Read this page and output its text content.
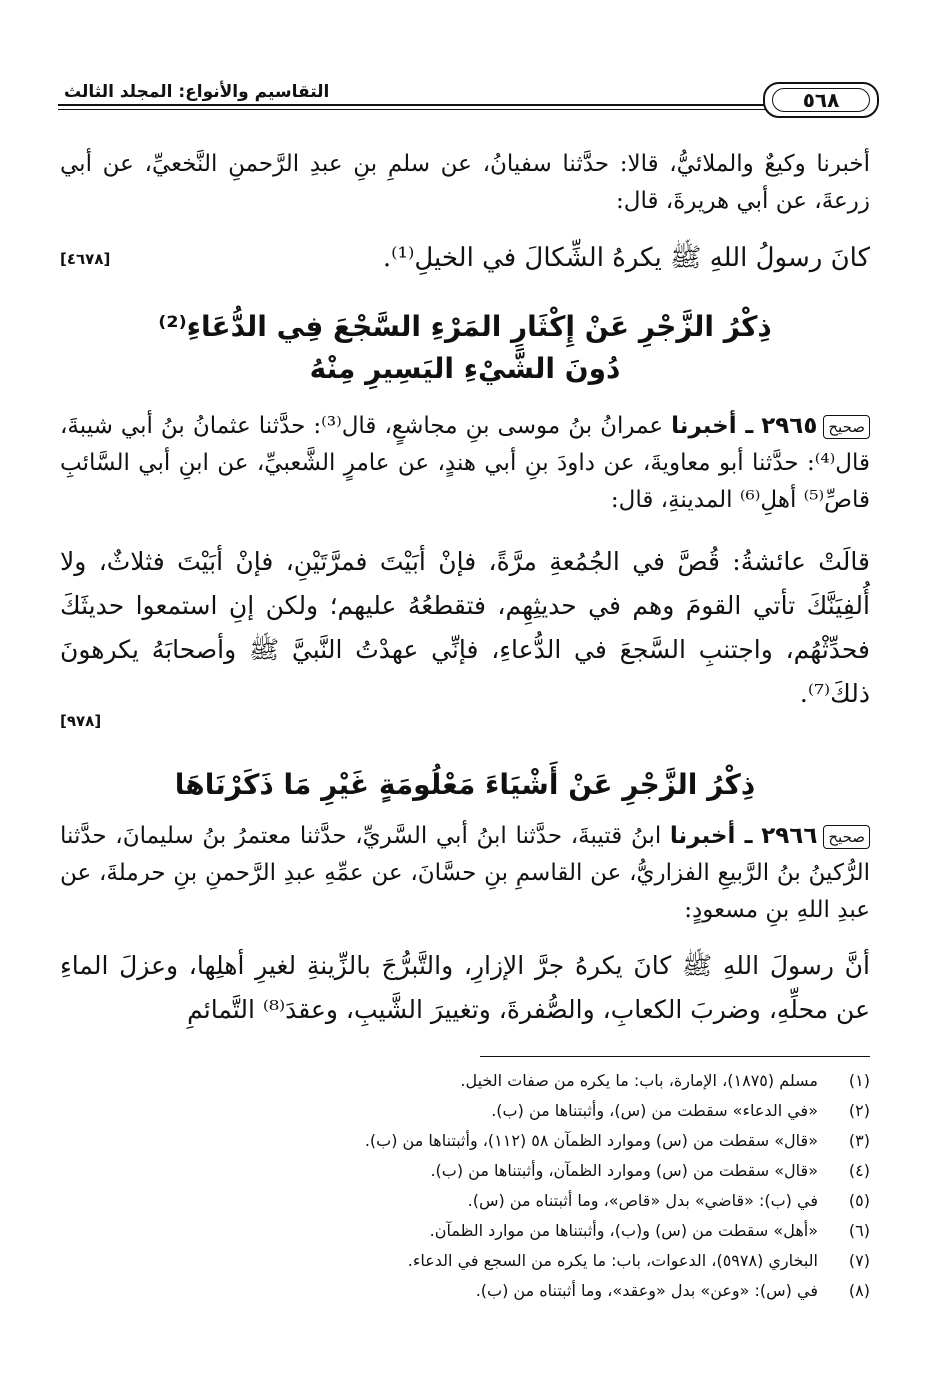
التقاسيم والأنواع: المجلد الثالث	٥٦٨
أخبرنا وكيعٌ والملائيُّ، قالا: حدَّثنا سفيانُ، عن سلمِ بنِ عبدِ الرَّحمنِ النَّخعيِّ، عن أبي زرعةَ، عن أبي هريرةَ، قال:
كانَ رسولُ اللهِ ﷺ يكرهُ الشِّكالَ في الخيلِ⁽¹⁾.
[٤٦٧٨]
ذِكْرُ الزَّجْرِ عَنْ إِكْثَارِ المَرْءِ السَّجْعَ فِي الدُّعَاءِ⁽²⁾
دُونَ الشَّيْءِ اليَسِيرِ مِنْهُ
صحيح٢٩٦٥ ـ أخبرنا عمرانُ بنُ موسى بنِ مجاشعٍ، قال⁽³⁾: حدَّثنا عثمانُ بنُ أبي شيبةَ، قال⁽⁴⁾: حدَّثنا أبو معاويةَ، عن داودَ بنِ أبي هندٍ، عن عامرٍ الشَّعبيِّ، عن ابنِ أبي السَّائبِ قاصِّ⁽⁵⁾ أهلِ⁽⁶⁾ المدينةِ، قال:
قالَتْ عائشةُ: قُصَّ في الجُمُعةِ مرَّةً، فإنْ أبَيْتَ فمرَّتَيْنِ، فإنْ أبَيْتَ فثلاثٌ، ولا أُلفِيَنَّكَ تأتي القومَ وهم في حديثِهِم، فتقطعُهُ عليهم؛ ولكن إنِ استمعوا حديثَكَ فحدِّثْهُم، واجتنبِ السَّجعَ في الدُّعاءِ، فإنِّي عهدْتُ النَّبيَّ ﷺ وأصحابَهُ يكرهونَ ذلكَ⁽⁷⁾.
[٩٧٨]
ذِكْرُ الزَّجْرِ عَنْ أَشْيَاءَ مَعْلُومَةٍ غَيْرِ مَا ذَكَرْنَاهَا
صحيح٢٩٦٦ ـ أخبرنا ابنُ قتيبةَ، حدَّثنا ابنُ أبي السَّريِّ، حدَّثنا معتمرُ بنُ سليمانَ، حدَّثنا الرُّكينُ بنُ الرَّبيعِ الفزاريُّ، عن القاسمِ بنِ حسَّانَ، عن عمِّهِ عبدِ الرَّحمنِ بنِ حرملةَ، عن عبدِ اللهِ بنِ مسعودٍ:
أنَّ رسولَ اللهِ ﷺ كانَ يكرهُ جرَّ الإزارِ، والتَّبرُّجَ بالزِّينةِ لغيرِ أهلِها، وعزلَ الماءِ عن محلِّهِ، وضربَ الكعابِ، والصُّفرةَ، وتغييرَ الشَّيبِ، وعقدَ⁽⁸⁾ التَّمائمِ
(١)مسلم (١٨٧٥)، الإمارة، باب: ما يكره من صفات الخيل.
(٢)«في الدعاء» سقطت من (س)، وأثبتناها من (ب).
(٣)«قال» سقطت من (س) وموارد الظمآن ٥٨ (١١٢)، وأثبتناها من (ب).
(٤)«قال» سقطت من (س) وموارد الظمآن، وأثبتناها من (ب).
(٥)في (ب): «قاضي» بدل «قاص»، وما أثبتناه من (س).
(٦)«أهل» سقطت من (س) و(ب)، وأثبتناها من موارد الظمآن.
(٧)البخاري (٥٩٧٨)، الدعوات، باب: ما يكره من السجع في الدعاء.
(٨)في (س): «وعن» بدل «وعقد»، وما أثبتناه من (ب).
